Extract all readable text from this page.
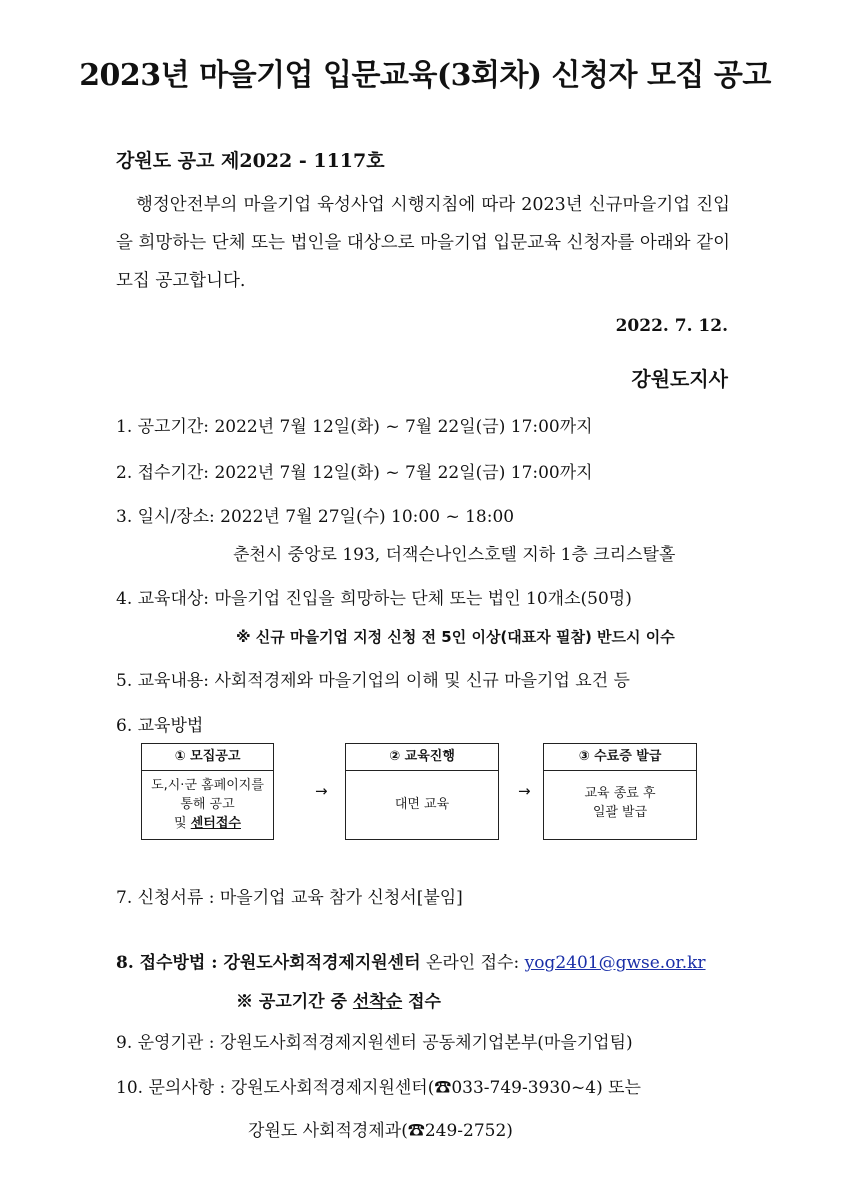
2023년 마을기업 입문교육(3회차) 신청자 모집 공고
강원도 공고 제2022 - 1117호
행정안전부의 마을기업 육성사업 시행지침에 따라 2023년 신규마을기업 진입을 희망하는 단체 또는 법인을 대상으로 마을기업 입문교육 신청자를 아래와 같이 모집 공고합니다.
2022. 7. 12.
강원도지사
1. 공고기간: 2022년 7월 12일(화) ~ 7월 22일(금) 17:00까지
2. 접수기간: 2022년 7월 12일(화) ~ 7월 22일(금) 17:00까지
3. 일시/장소: 2022년 7월 27일(수) 10:00 ~ 18:00
춘천시 중앙로 193, 더잭슨나인스호텔 지하 1층 크리스탈홀
4. 교육대상: 마을기업 진입을 희망하는 단체 또는 법인 10개소(50명)
※ 신규 마을기업 지정 신청 전 5인 이상(대표자 필참) 반드시 이수
5. 교육내용: 사회적경제와 마을기업의 이해 및 신규 마을기업 요건 등
6. 교육방법
① 모집공고
도,시·군 홈페이지를
통해 공고
및 센터접수
→
② 교육진행
대면 교육
→
③ 수료증 발급
교육 종료 후
일괄 발급
7. 신청서류 : 마을기업 교육 참가 신청서[붙임]
8. 접수방법 : 강원도사회적경제지원센터 온라인 접수: yog2401@gwse.or.kr
※ 공고기간 중 선착순 접수
9. 운영기관 : 강원도사회적경제지원센터 공동체기업본부(마을기업팀)
10. 문의사항 : 강원도사회적경제지원센터(☎033-749-3930~4) 또는
강원도 사회적경제과(☎249-2752)
